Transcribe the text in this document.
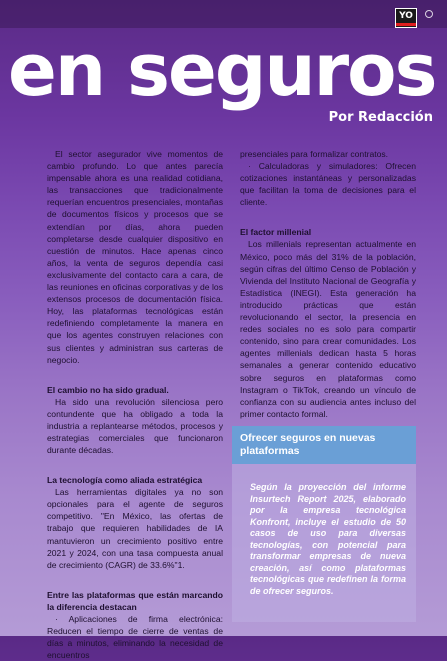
YO
en seguros
Por Redacción

El sector asegurador vive momentos de cambio profundo. Lo que antes parecía impensable ahora es una realidad cotidiana, las transacciones que tradicionalmente requerían encuentros presenciales, montañas de documentos físicos y procesos que se extendían por días, ahora pueden completarse desde cualquier dispositivo en cuestión de minutos. Hace apenas cinco años, la venta de seguros dependía casi exclusivamente del contacto cara a cara, de las reuniones en oficinas corporativas y de los extensos procesos de documentación física. Hoy, las plataformas tecnológicas están redefiniendo completamente la manera en que los agentes construyen relaciones con sus clientes y administran sus carteras de negocio.

El cambio no ha sido gradual.

Ha sido una revolución silenciosa pero contundente que ha obligado a toda la industria a replantearse métodos, procesos y estrategias comerciales que funcionaron durante décadas.

La tecnología como aliada estratégica

Las herramientas digitales ya no son opcionales para el agente de seguros competitivo. "En México, las ofertas de trabajo que requieren habilidades de IA mantuvieron un crecimiento positivo entre 2021 y 2024, con una tasa compuesta anual de crecimiento (CAGR) de 33.6%"1.

Entre las plataformas que están marcando la diferencia destacan

· Aplicaciones de firma electrónica: Reducen el tiempo de cierre de ventas de días a minutos, eliminando la necesidad de encuentros

presenciales para formalizar contratos.

· Calculadoras y simuladores: Ofrecen cotizaciones instantáneas y personalizadas que facilitan la toma de decisiones para el cliente.

El factor millenial

Los millenials representan actualmente en México, poco más del 31% de la población, según cifras del último Censo de Población y Vivienda del Instituto Nacional de Geografía y Estadística (INEGI). Esta generación ha introducido prácticas que están revolucionando el sector, la presencia en redes sociales no es solo para compartir contenido, sino para crear comunidades. Los agentes millenials dedican hasta 5 horas semanales a generar contenido educativo sobre seguros en plataformas como Instagram o TikTok, creando un vínculo de confianza con su audiencia antes incluso del primer contacto formal.

Ofrecer seguros en nuevas plataformas
Según la proyección del informe Insurtech Report 2025, elaborado por la empresa tecnológica Konfront, incluye el estudio de 50 casos de uso para diversas tecnologías, con potencial para transformar empresas de nueva creación, así como plataformas tecnológicas que redefinen la forma de ofrecer seguros.
